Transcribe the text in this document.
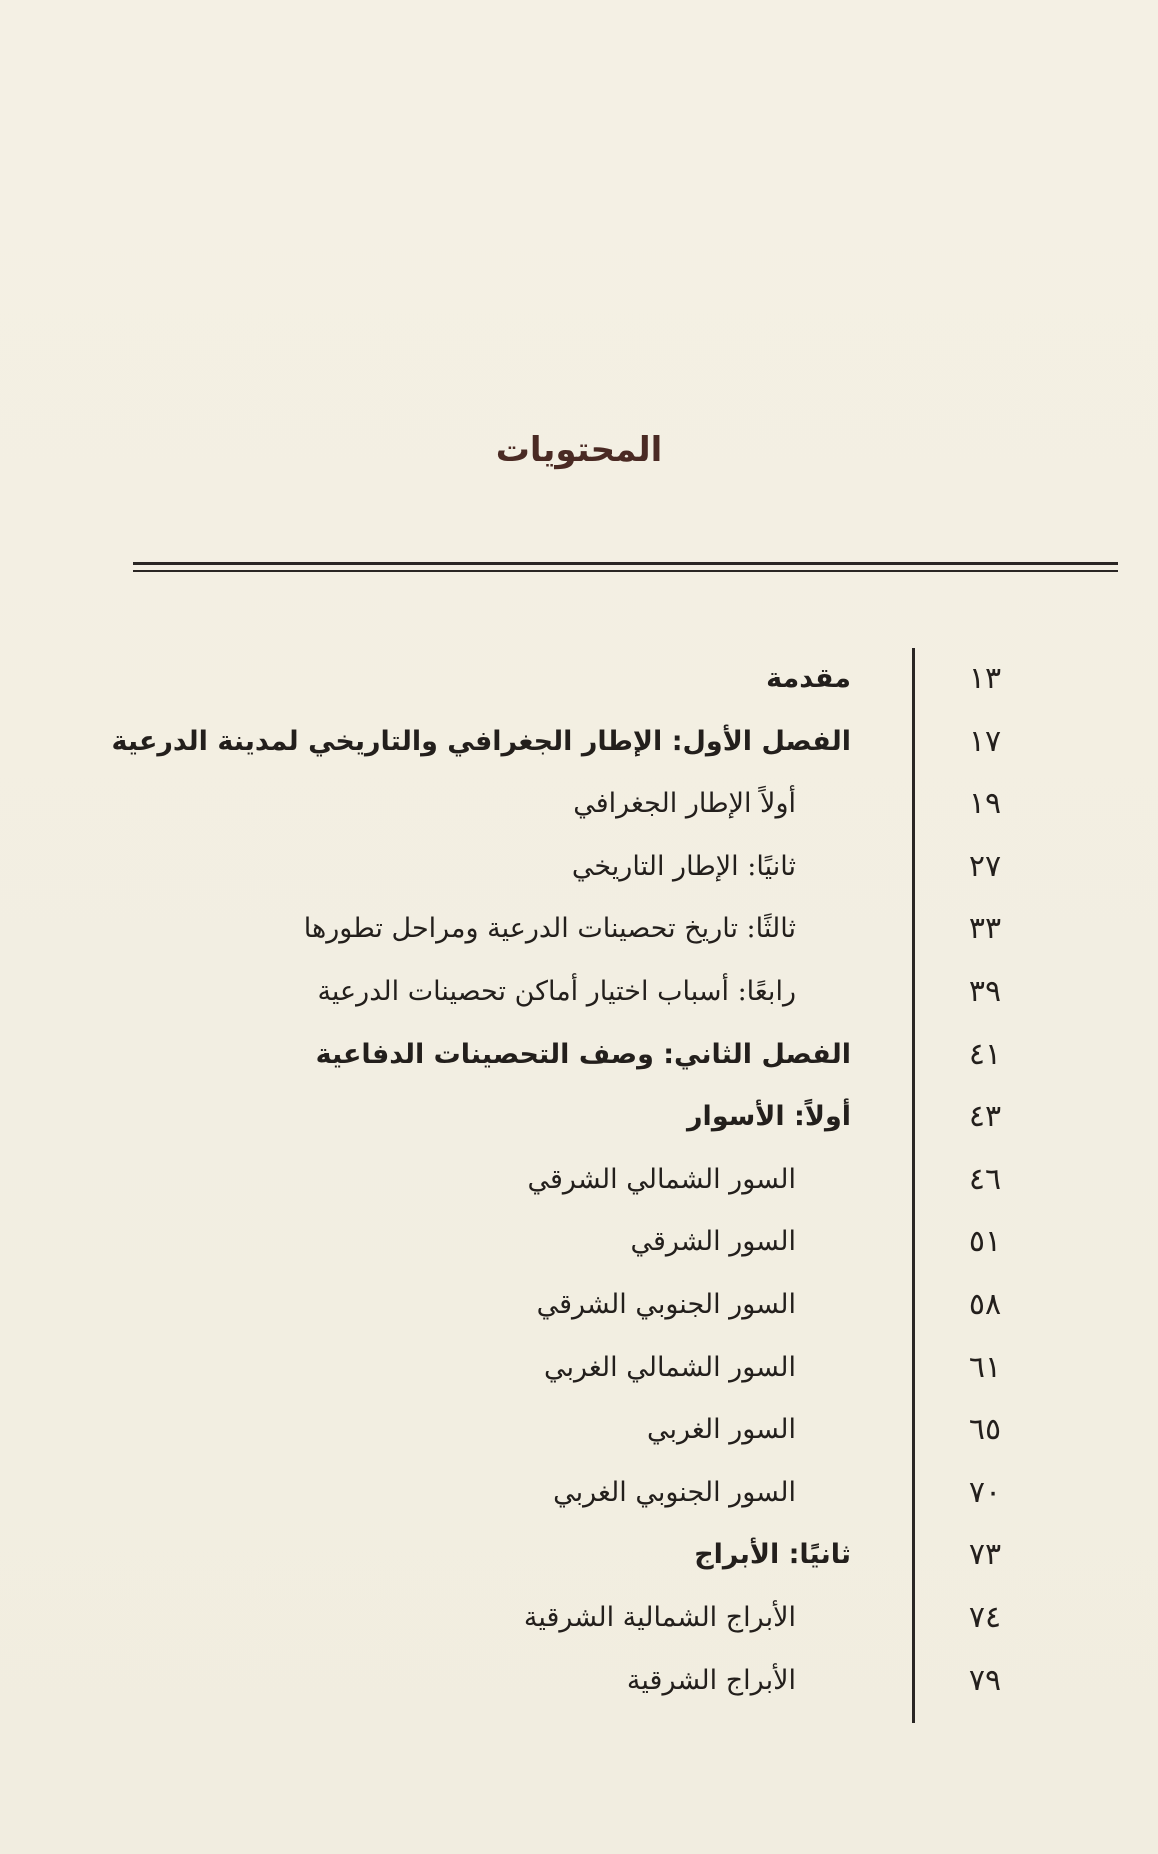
المحتويات
١٣
مقدمة
١٧
الفصل الأول: الإطار الجغرافي والتاريخي لمدينة الدرعية
١٩
أولاً الإطار الجغرافي
٢٧
ثانيًا: الإطار التاريخي
٣٣
ثالثًا: تاريخ تحصينات الدرعية ومراحل تطورها
٣٩
رابعًا: أسباب اختيار أماكن تحصينات الدرعية
٤١
الفصل الثاني: وصف التحصينات الدفاعية
٤٣
أولاً: الأسوار
٤٦
السور الشمالي الشرقي
٥١
السور الشرقي
٥٨
السور الجنوبي الشرقي
٦١
السور الشمالي الغربي
٦٥
السور الغربي
٧٠
السور الجنوبي الغربي
٧٣
ثانيًا: الأبراج
٧٤
الأبراج الشمالية الشرقية
٧٩
الأبراج الشرقية
